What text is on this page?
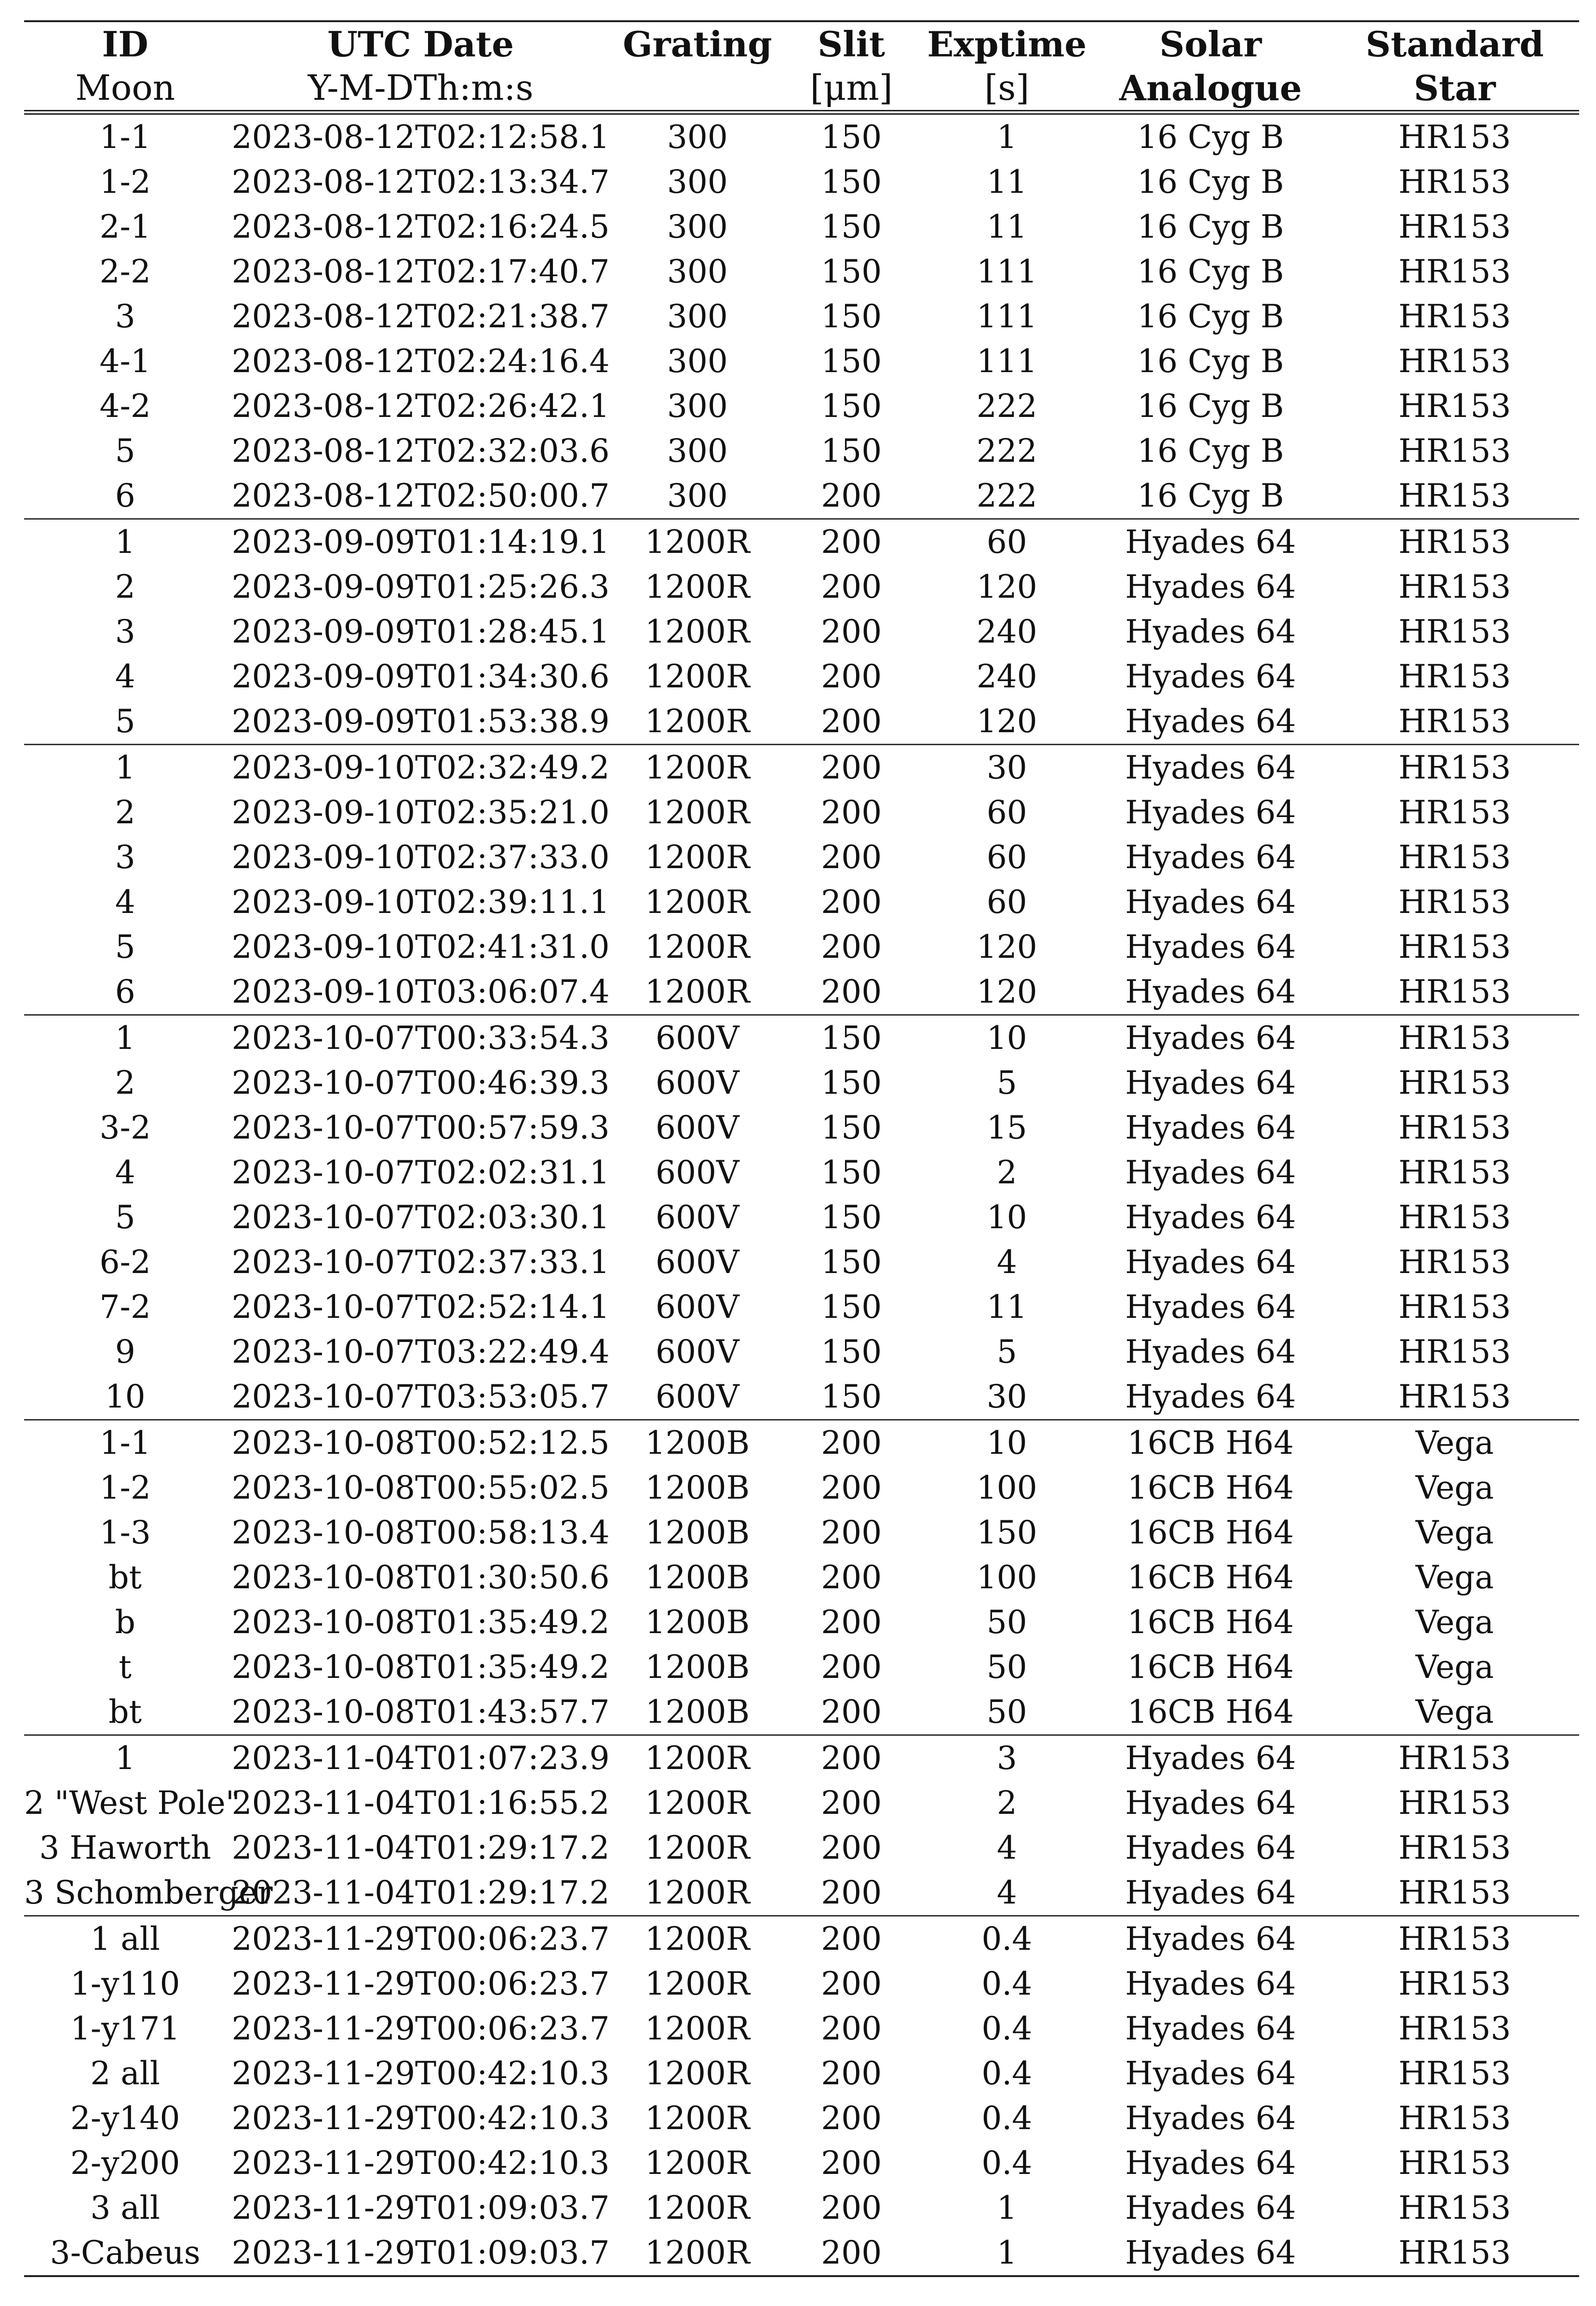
ID	UTC Date	Grating	Slit	Exptime	Solar	Standard
Moon	Y-M-DTh:m:s		[μm]	[s]	Analogue	Star
1-1	2023-08-12T02:12:58.1	300	150	1	16 Cyg B	HR153
1-2	2023-08-12T02:13:34.7	300	150	11	16 Cyg B	HR153
2-1	2023-08-12T02:16:24.5	300	150	11	16 Cyg B	HR153
2-2	2023-08-12T02:17:40.7	300	150	111	16 Cyg B	HR153
3	2023-08-12T02:21:38.7	300	150	111	16 Cyg B	HR153
4-1	2023-08-12T02:24:16.4	300	150	111	16 Cyg B	HR153
4-2	2023-08-12T02:26:42.1	300	150	222	16 Cyg B	HR153
5	2023-08-12T02:32:03.6	300	150	222	16 Cyg B	HR153
6	2023-08-12T02:50:00.7	300	200	222	16 Cyg B	HR153
1	2023-09-09T01:14:19.1	1200R	200	60	Hyades 64	HR153
2	2023-09-09T01:25:26.3	1200R	200	120	Hyades 64	HR153
3	2023-09-09T01:28:45.1	1200R	200	240	Hyades 64	HR153
4	2023-09-09T01:34:30.6	1200R	200	240	Hyades 64	HR153
5	2023-09-09T01:53:38.9	1200R	200	120	Hyades 64	HR153
1	2023-09-10T02:32:49.2	1200R	200	30	Hyades 64	HR153
2	2023-09-10T02:35:21.0	1200R	200	60	Hyades 64	HR153
3	2023-09-10T02:37:33.0	1200R	200	60	Hyades 64	HR153
4	2023-09-10T02:39:11.1	1200R	200	60	Hyades 64	HR153
5	2023-09-10T02:41:31.0	1200R	200	120	Hyades 64	HR153
6	2023-09-10T03:06:07.4	1200R	200	120	Hyades 64	HR153
1	2023-10-07T00:33:54.3	600V	150	10	Hyades 64	HR153
2	2023-10-07T00:46:39.3	600V	150	5	Hyades 64	HR153
3-2	2023-10-07T00:57:59.3	600V	150	15	Hyades 64	HR153
4	2023-10-07T02:02:31.1	600V	150	2	Hyades 64	HR153
5	2023-10-07T02:03:30.1	600V	150	10	Hyades 64	HR153
6-2	2023-10-07T02:37:33.1	600V	150	4	Hyades 64	HR153
7-2	2023-10-07T02:52:14.1	600V	150	11	Hyades 64	HR153
9	2023-10-07T03:22:49.4	600V	150	5	Hyades 64	HR153
10	2023-10-07T03:53:05.7	600V	150	30	Hyades 64	HR153
1-1	2023-10-08T00:52:12.5	1200B	200	10	16CB H64	Vega
1-2	2023-10-08T00:55:02.5	1200B	200	100	16CB H64	Vega
1-3	2023-10-08T00:58:13.4	1200B	200	150	16CB H64	Vega
bt	2023-10-08T01:30:50.6	1200B	200	100	16CB H64	Vega
b	2023-10-08T01:35:49.2	1200B	200	50	16CB H64	Vega
t	2023-10-08T01:35:49.2	1200B	200	50	16CB H64	Vega
bt	2023-10-08T01:43:57.7	1200B	200	50	16CB H64	Vega
1	2023-11-04T01:07:23.9	1200R	200	3	Hyades 64	HR153
2 "West Pole"	2023-11-04T01:16:55.2	1200R	200	2	Hyades 64	HR153
3 Haworth	2023-11-04T01:29:17.2	1200R	200	4	Hyades 64	HR153
3 Schomberger	2023-11-04T01:29:17.2	1200R	200	4	Hyades 64	HR153
1 all	2023-11-29T00:06:23.7	1200R	200	0.4	Hyades 64	HR153
1-y110	2023-11-29T00:06:23.7	1200R	200	0.4	Hyades 64	HR153
1-y171	2023-11-29T00:06:23.7	1200R	200	0.4	Hyades 64	HR153
2 all	2023-11-29T00:42:10.3	1200R	200	0.4	Hyades 64	HR153
2-y140	2023-11-29T00:42:10.3	1200R	200	0.4	Hyades 64	HR153
2-y200	2023-11-29T00:42:10.3	1200R	200	0.4	Hyades 64	HR153
3 all	2023-11-29T01:09:03.7	1200R	200	1	Hyades 64	HR153
3-Cabeus	2023-11-29T01:09:03.7	1200R	200	1	Hyades 64	HR153
